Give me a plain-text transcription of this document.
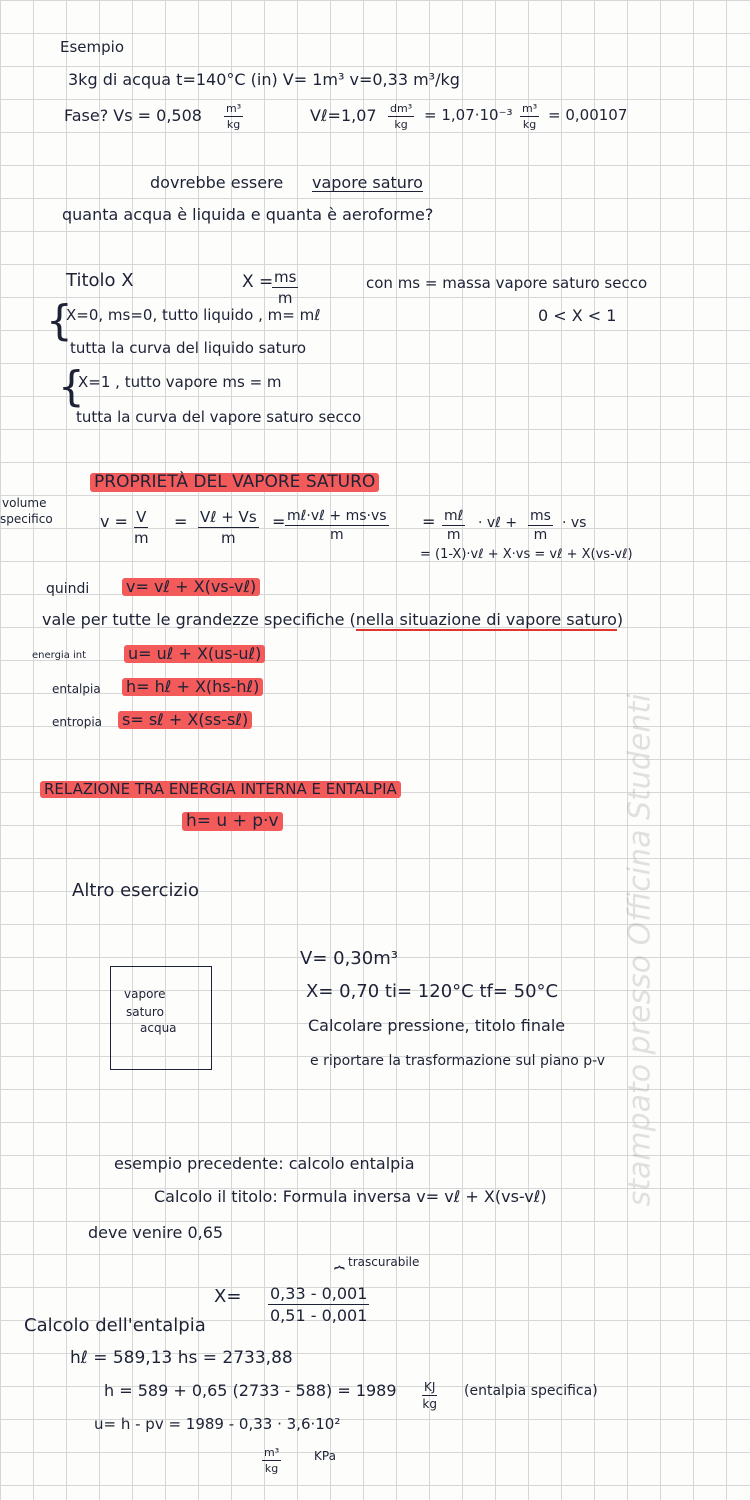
stampato presso Officina Studenti
Esempio
3kg di acqua t=140°C (in) V= 1m³ v=0,33 m³/kg
Fase? $Vs = 0,508 \frac{\text{m³}}{kg}$	Vℓ=1,07 $\frac{\text{dm³}}{kg} = 1,07\cdot 10^{-3} \frac{\text{m³}}{kg} = 0,00107$
dovrebbe essere vapore saturo
quanta acqua è liquida e quanta è aeroforme?
Titolo X	X =
$\frac{ms}{m}$	con ms = massa vapore saturo secco
{
X=0, ms=0, tutto liquido , m= mℓ	0 < X < 1
tutta la curva del liquido saturo
{
X=1 , tutto vapore ms = m
tutta la curva del vapore saturo secco
PROPRIETÀ DEL VAPORE SATURO
volume
specifico	$v = \frac{V}{m}$ = Vℓ + Vs
m
= mℓ·vℓ + ms·vs
m
= mℓ
m
· vℓ + $\frac{ms}{m}$ · vs
= (1-X)·vℓ + X·vs = vℓ + X(vs-vℓ)
quindi v= vℓ + X(vs-vℓ)
vale per tutte le grandezze specifiche (nella situazione di vapore saturo)
energia int	u= uℓ + X(us-uℓ)
entalpia h= hℓ + X(hs-hℓ)
entropia s= sℓ + X(ss-sℓ)
RELAZIONE TRA ENERGIA INTERNA E ENTALPIA
h= u + p·v
Altro esercizio
vapore
saturo
acqua
V= 0,30m³
X= 0,70 ti= 120°C tf= 50°C
Calcolare pressione, titolo finale
e riportare la trasformazione sul piano p-v
esempio precedente: calcolo entalpia
Calcolo il titolo: Formula inversa v= vℓ + X(vs-vℓ)
deve venire 0,65
trascurabile
⏞
$X= \frac{0,33 - 0,001}{0,51 - 0,001}$
Calcolo dell'entalpia
hℓ = 589,13 hs = 2733,88
h = 589 + 0,65 $(2733 - 588) = 1989 \frac{KJ}{kg}$ (entalpia specifica)
u= h - pv = 1989 - 0,33 · 3,6·10²
$\frac{\text{m³}}{kg}$	KPa
